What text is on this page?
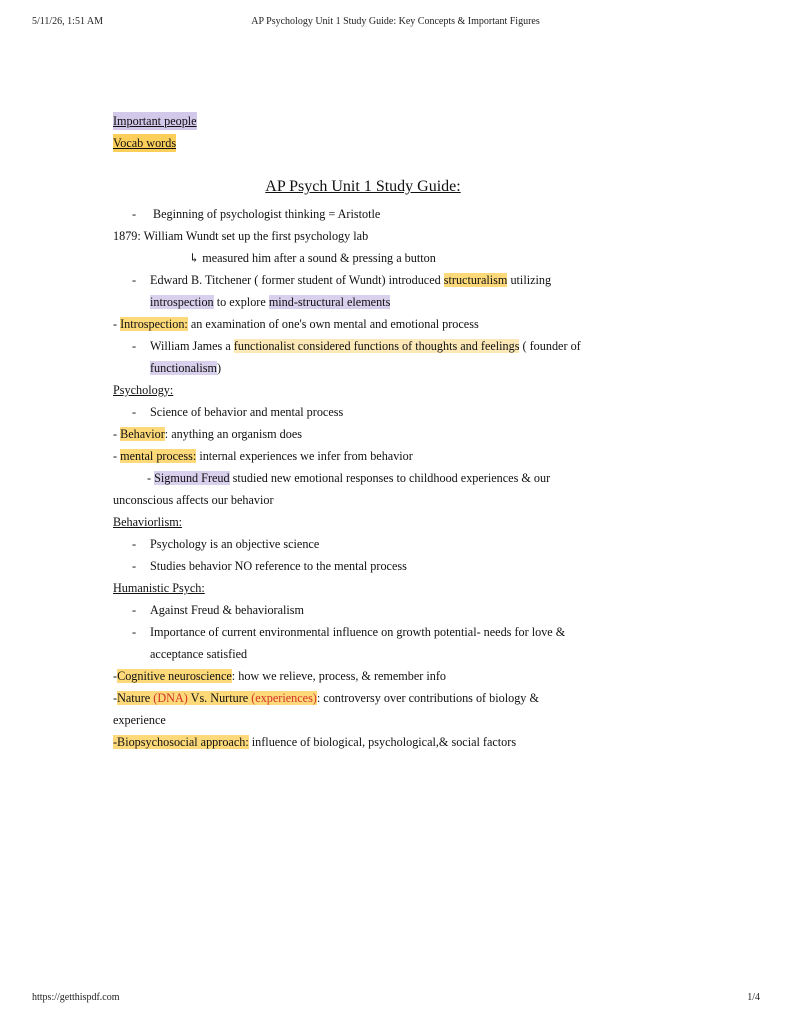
5/11/26, 1:51 AM	AP Psychology Unit 1 Study Guide: Key Concepts & Important Figures
Important people
Vocab words
AP Psych Unit 1 Study Guide:
- Beginning of psychologist thinking = Aristotle
1879: William Wundt set up the first psychology lab
↳ measured him after a sound & pressing a button
- Edward B. Titchener ( former student of Wundt) introduced structuralism utilizing
introspection to explore mind-structural elements
- Introspection: an examination of one's own mental and emotional process
- William James a functionalist considered functions of thoughts and feelings ( founder of
functionalism)
Psychology:
- Science of behavior and mental process
- Behavior: anything an organism does
- mental process: internal experiences we infer from behavior
- Sigmund Freud studied new emotional responses to childhood experiences & our
unconscious affects our behavior
Behaviorlism:
- Psychology is an objective science
- Studies behavior NO reference to the mental process
Humanistic Psych:
- Against Freud & behavioralism
- Importance of current environmental influence on growth potential- needs for love &
acceptance satisfied
-Cognitive neuroscience: how we relieve, process, & remember info
-Nature (DNA) Vs. Nurture (experiences): controversy over contributions of biology &
experience
-Biopsychosocial approach: influence of biological, psychological,& social factors
https://getthispdf.com	1/4
